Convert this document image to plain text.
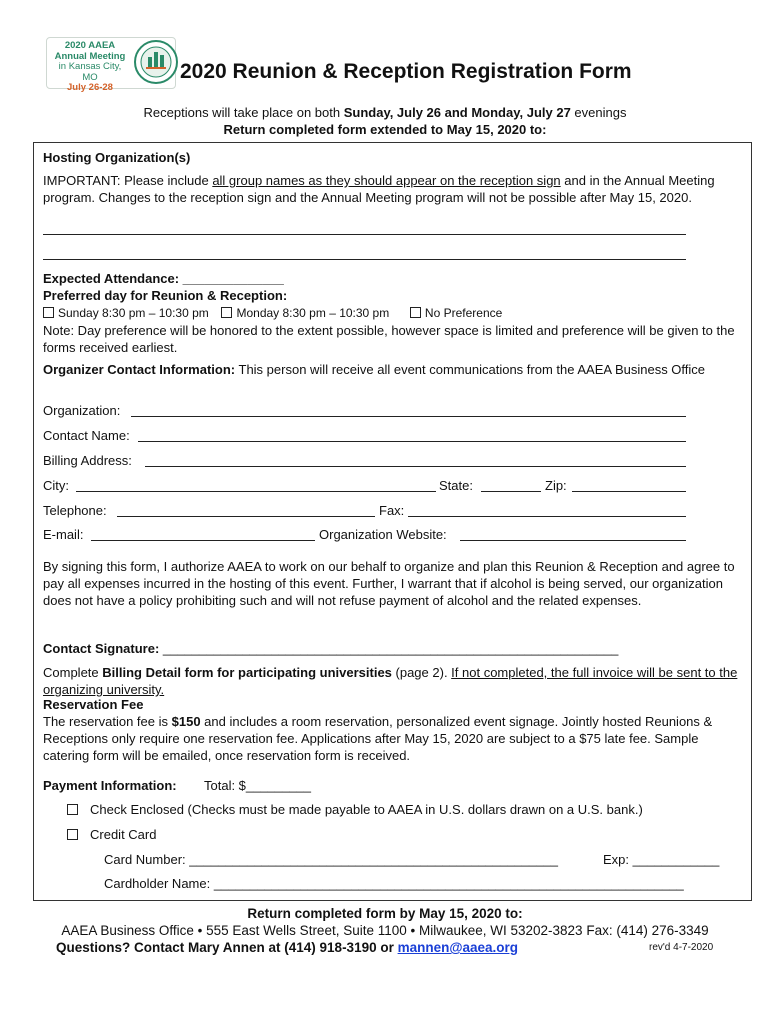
2020 AAEA
Annual Meeting
in Kansas City, MO
July 26-28
2020 Reunion & Reception Registration Form
Receptions will take place on both Sunday, July 26 and Monday, July 27 evenings
Return completed form extended to May 15, 2020 to:
Hosting Organization(s)
IMPORTANT: Please include all group names as they should appear on the reception sign and in the Annual Meeting program. Changes to the reception sign and the Annual Meeting program will not be possible after May 15, 2020.
Expected Attendance: ______________
Preferred day for Reunion & Reception:
Sunday 8:30 pm – 10:30 pm Monday 8:30 pm – 10:30 pm	No Preference
Note: Day preference will be honored to the extent possible, however space is limited and preference will be given to the forms received earliest.
Organizer Contact Information: This person will receive all event communications from the AAEA Business Office
Organization:
Contact Name:
Billing Address:
City:	State:	Zip:
Telephone:	Fax:
E-mail:	Organization Website:
By signing this form, I authorize AAEA to work on our behalf to organize and plan this Reunion & Reception and agree to pay all expenses incurred in the hosting of this event. Further, I warrant that if alcohol is being served, our organization does not have a policy prohibiting such and will not refuse payment of alcohol and the related expenses.
Contact Signature: _______________________________________________________________
Complete Billing Detail form for participating universities (page 2). If not completed, the full invoice will be sent to the organizing university.
Reservation Fee
The reservation fee is $150 and includes a room reservation, personalized event signage. Jointly hosted Reunions & Receptions only require one reservation fee. Applications after May 15, 2020 are subject to a $75 late fee. Sample catering form will be emailed, once reservation form is received.
Payment Information: Total: $_________
Check Enclosed (Checks must be made payable to AAEA in U.S. dollars drawn on a U.S. bank.)
Credit Card
Card Number: ___________________________________________________	Exp: ____________
Cardholder Name: _________________________________________________________________
Return completed form by May 15, 2020 to:
AAEA Business Office • 555 East Wells Street, Suite 1100 • Milwaukee, WI 53202-3823 Fax: (414) 276-3349
Questions? Contact Mary Annen at (414) 918-3190 or mannen@aaea.org	rev'd 4-7-2020
